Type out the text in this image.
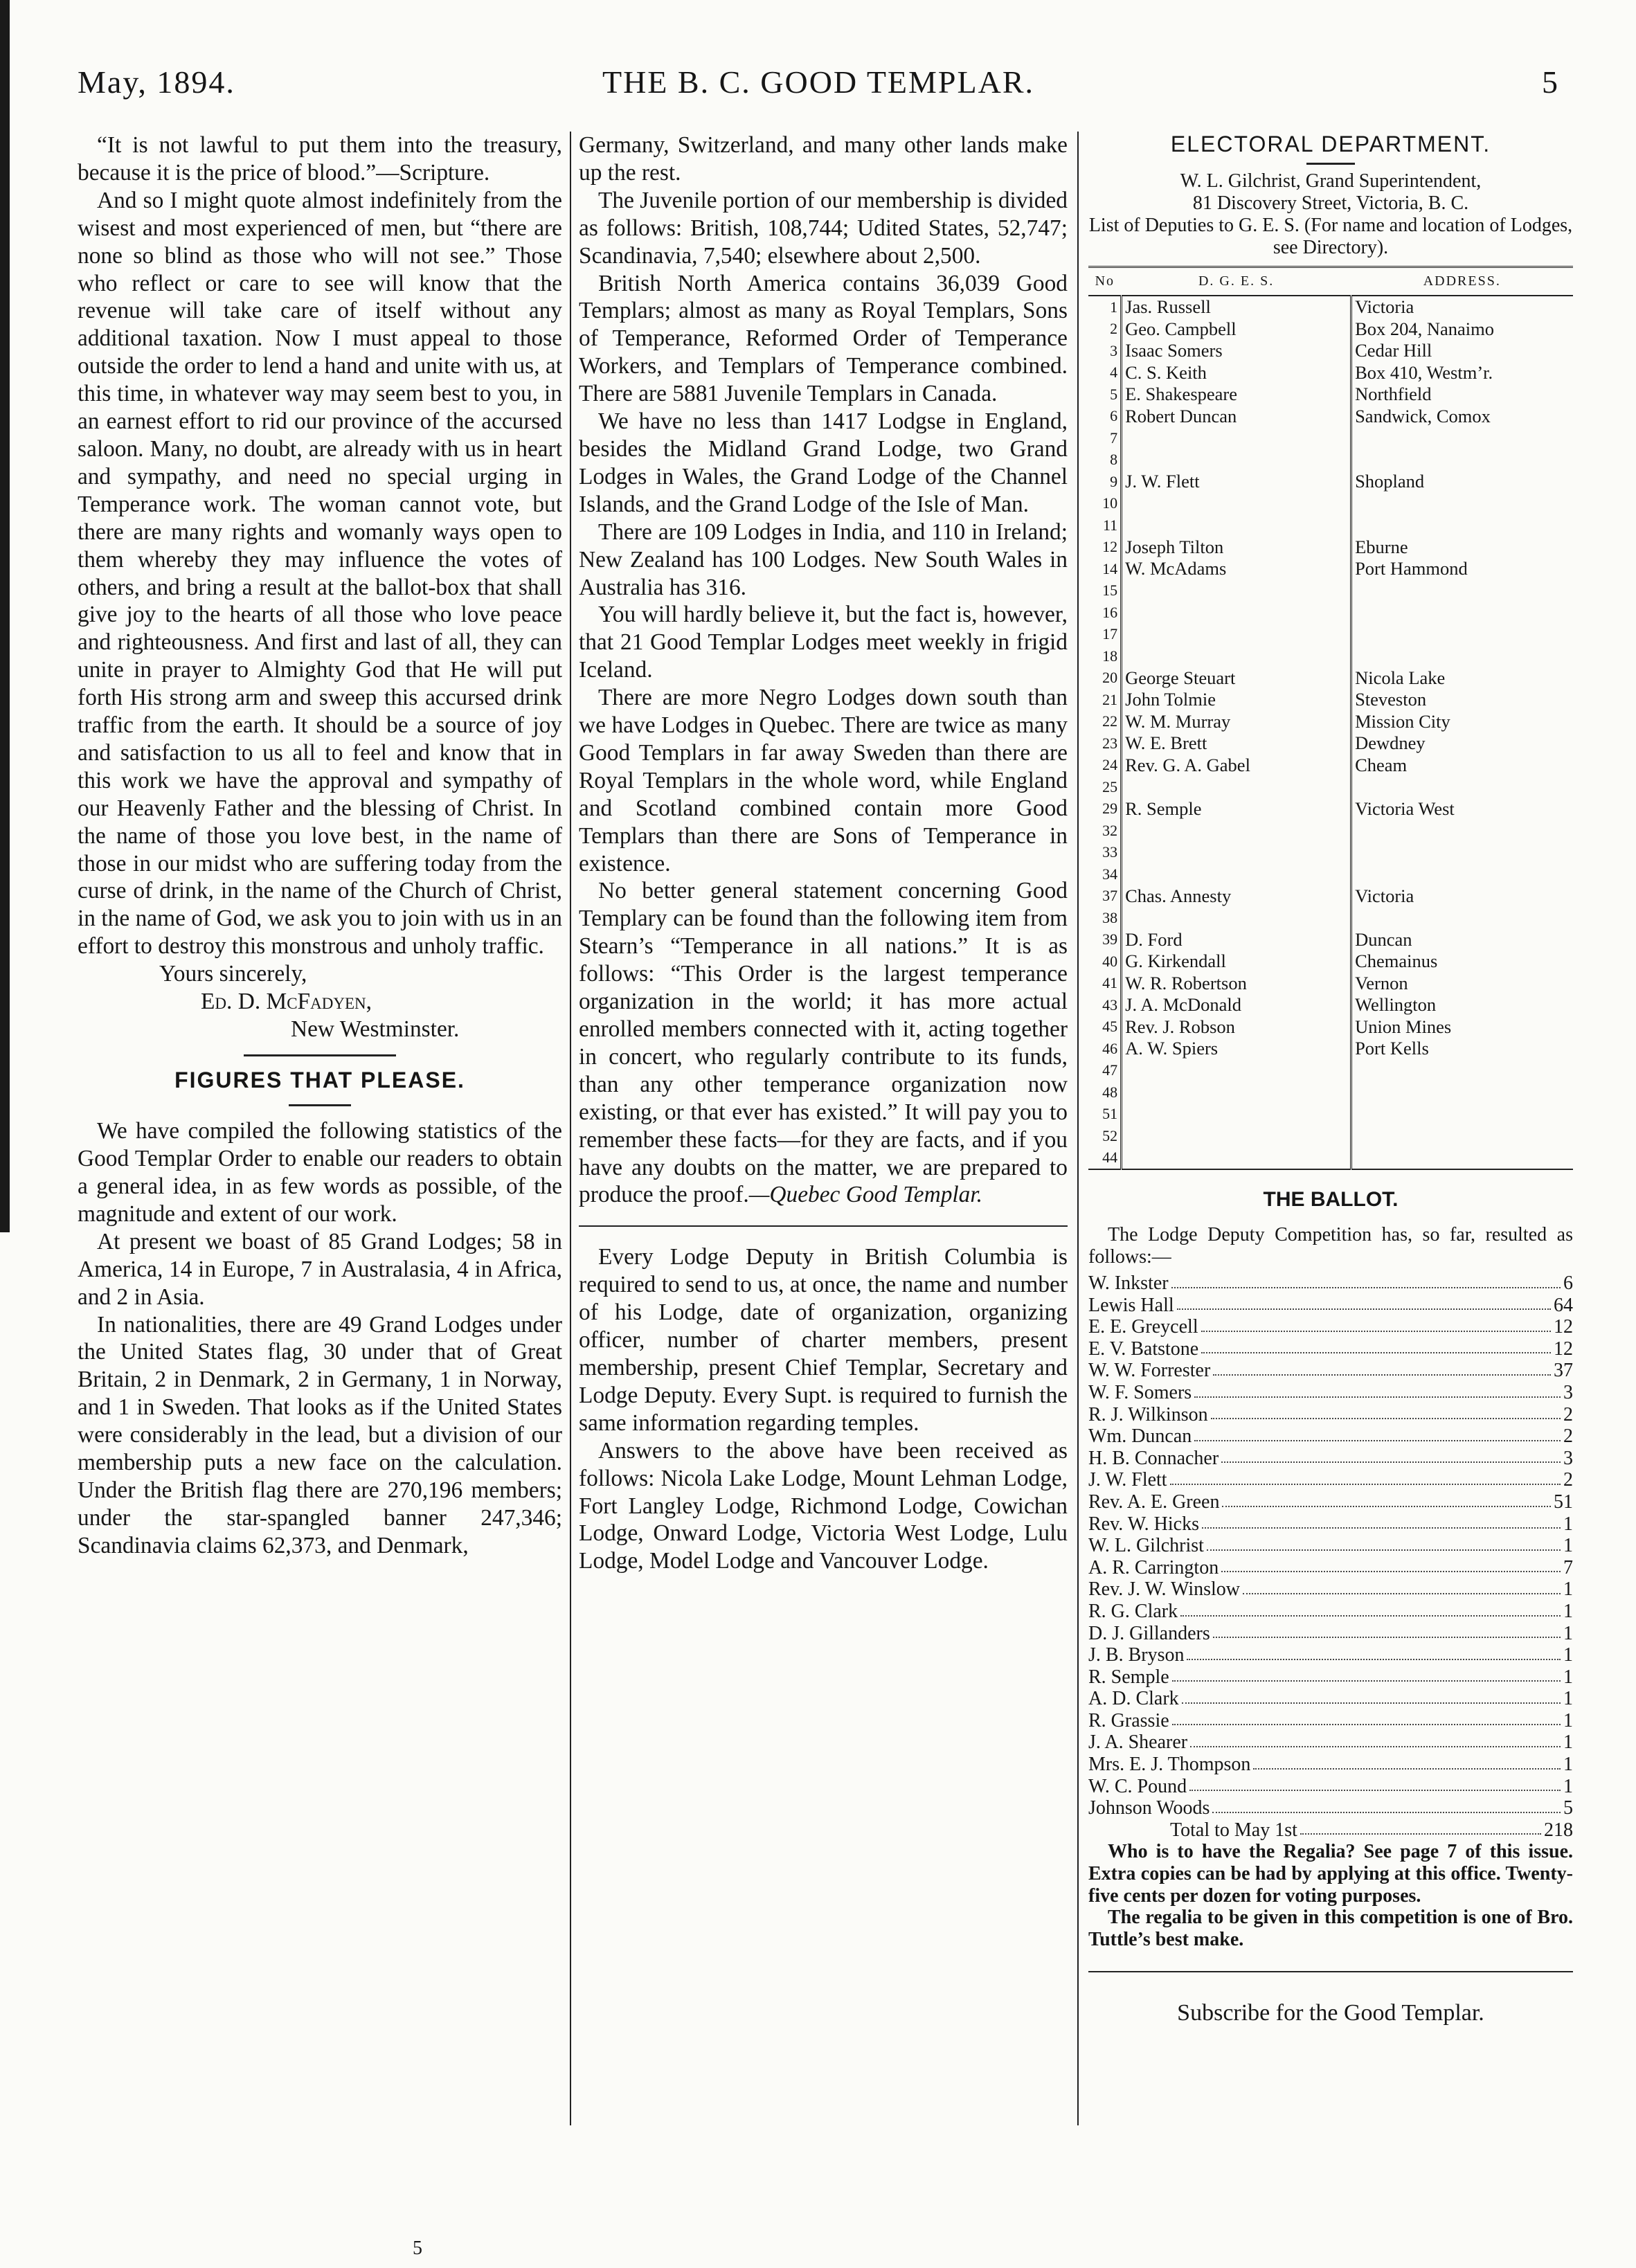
May, 1894.	THE B. C. GOOD TEMPLAR.	5

“It is not lawful to put them into the treasury, because it is the price of blood.”—Scripture.

And so I might quote almost indefinitely from the wisest and most experienced of men, but “there are none so blind as those who will not see.” Those who reflect or care to see will know that the revenue will take care of itself without any additional taxation. Now I must appeal to those outside the order to lend a hand and unite with us, at this time, in whatever way may seem best to you, in an earnest effort to rid our province of the accursed saloon. Many, no doubt, are already with us in heart and sympathy, and need no special urging in Temperance work. The woman cannot vote, but there are many rights and womanly ways open to them whereby they may influence the votes of others, and bring a result at the ballot-box that shall give joy to the hearts of all those who love peace and righteousness. And first and last of all, they can unite in prayer to Almighty God that He will put forth His strong arm and sweep this accursed drink traffic from the earth. It should be a source of joy and satisfaction to us all to feel and know that in this work we have the approval and sympathy of our Heavenly Father and the blessing of Christ. In the name of those you love best, in the name of those in our midst who are suffering today from the curse of drink, in the name of the Church of Christ, in the name of God, we ask you to join with us in an effort to destroy this monstrous and unholy traffic.

Yours sincerely,
Ed. D. McFadyen,
New Westminster.
FIGURES THAT PLEASE.

We have compiled the following statistics of the Good Templar Order to enable our readers to obtain a general idea, in as few words as possible, of the magnitude and extent of our work.

At present we boast of 85 Grand Lodges; 58 in America, 14 in Europe, 7 in Australasia, 4 in Africa, and 2 in Asia.

In nationalities, there are 49 Grand Lodges under the United States flag, 30 under that of Great Britain, 2 in Denmark, 2 in Germany, 1 in Norway, and 1 in Sweden. That looks as if the United States were considerably in the lead, but a division of our membership puts a new face on the calculation. Under the British flag there are 270,196 members; under the star-spangled banner 247,346; Scandinavia claims 62,373, and Denmark,

Germany, Switzerland, and many other lands make up the rest.

The Juvenile portion of our membership is divided as follows: British, 108,744; Udited States, 52,747; Scandinavia, 7,540; elsewhere about 2,500.

British North America contains 36,039 Good Templars; almost as many as Royal Templars, Sons of Temperance, Reformed Order of Temperance Workers, and Templars of Temperance combined. There are 5881 Juvenile Templars in Canada.

We have no less than 1417 Lodgse in England, besides the Midland Grand Lodge, two Grand Lodges in Wales, the Grand Lodge of the Channel Islands, and the Grand Lodge of the Isle of Man.

There are 109 Lodges in India, and 110 in Ireland; New Zealand has 100 Lodges. New South Wales in Australia has 316.

You will hardly believe it, but the fact is, however, that 21 Good Templar Lodges meet weekly in frigid Iceland.

There are more Negro Lodges down south than we have Lodges in Quebec. There are twice as many Good Templars in far away Sweden than there are Royal Templars in the whole word, while England and Scotland combined contain more Good Templars than there are Sons of Temperance in existence.

No better general statement concerning Good Templary can be found than the following item from Stearn’s “Temperance in all nations.” It is as follows: “This Order is the largest temperance organization in the world; it has more actual enrolled members connected with it, acting together in concert, who regularly contribute to its funds, than any other temperance organization now existing, or that ever has existed.” It will pay you to remember these facts—for they are facts, and if you have any doubts on the matter, we are prepared to produce the proof.—Quebec Good Templar.

Every Lodge Deputy in British Columbia is required to send to us, at once, the name and number of his Lodge, date of organization, organizing officer, number of charter members, present membership, present Chief Templar, Secretary and Lodge Deputy. Every Supt. is required to furnish the same information regarding temples.

Answers to the above have been received as follows: Nicola Lake Lodge, Mount Lehman Lodge, Fort Langley Lodge, Richmond Lodge, Cowichan Lodge, Onward Lodge, Victoria West Lodge, Lulu Lodge, Model Lodge and Vancouver Lodge.

ELECTORAL DEPARTMENT.

W. L. Gilchrist, Grand Superintendent,

81 Discovery Street, Victoria, B. C.

List of Deputies to G. E. S. (For name and location of Lodges, see Directory).

No	D. G. E. S.	ADDRESS.
1	Jas. Russell	Victoria
2	Geo. Campbell	Box 204, Nanaimo
3	Isaac Somers	Cedar Hill
4	C. S. Keith	Box 410, Westm’r.
5	E. Shakespeare	Northfield
6	Robert Duncan	Sandwick, Comox
7		
8		
9	J. W. Flett	Shopland
10		
11		
12	Joseph Tilton	Eburne
14	W. McAdams	Port Hammond
15		
16		
17		
18		
20	George Steuart	Nicola Lake
21	John Tolmie	Steveston
22	W. M. Murray	Mission City
23	W. E. Brett	Dewdney
24	Rev. G. A. Gabel	Cheam
25		
29	R. Semple	Victoria West
32		
33		
34		
37	Chas. Annesty	Victoria
38		
39	D. Ford	Duncan
40	G. Kirkendall	Chemainus
41	W. R. Robertson	Vernon
43	J. A. McDonald	Wellington
45	Rev. J. Robson	Union Mines
46	A. W. Spiers	Port Kells
47		
48		
51		
52		
44		
THE BALLOT.

The Lodge Deputy Competition has, so far, resulted as follows:—

W. Inkster	6
Lewis Hall	64
E. E. Greycell	12
E. V. Batstone	12
W. W. Forrester	37
W. F. Somers	3
R. J. Wilkinson	2
Wm. Duncan	2
H. B. Connacher	3
J. W. Flett	2
Rev. A. E. Green	51
Rev. W. Hicks	1
W. L. Gilchrist	1
A. R. Carrington	7
Rev. J. W. Winslow	1
R. G. Clark	1
D. J. Gillanders	1
J. B. Bryson	1
R. Semple	1
A. D. Clark	1
R. Grassie	1
J. A. Shearer	1
Mrs. E. J. Thompson	1
W. C. Pound	1
Johnson Woods	5
Total to May 1st	218

Who is to have the Regalia? See page 7 of this issue. Extra copies can be had by applying at this office. Twenty-five cents per dozen for voting purposes.

The regalia to be given in this competition is one of Bro. Tuttle’s best make.

Subscribe for the Good Templar.
5
